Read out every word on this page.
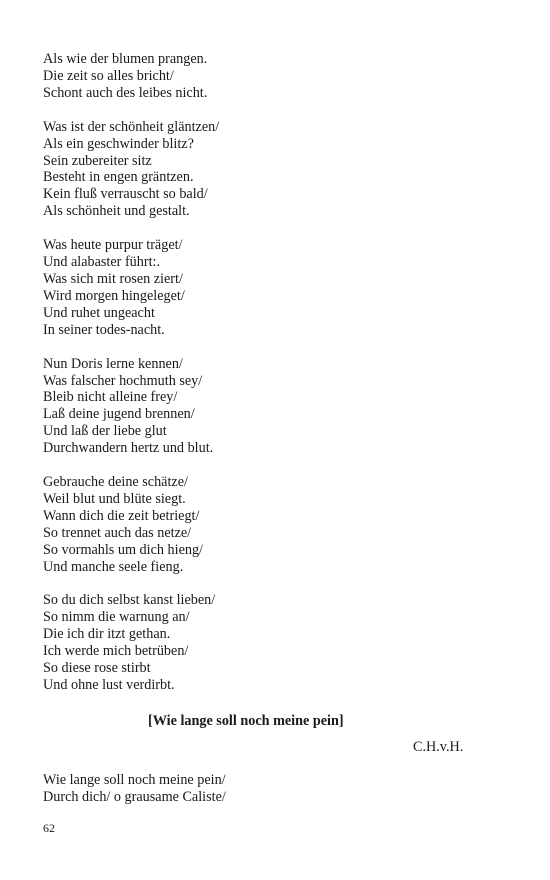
Als wie der blumen prangen.
Die zeit so alles bricht/
Schont auch des leibes nicht.
Was ist der schönheit gläntzen/
Als ein geschwinder blitz?
Sein zubereiter sitz
Besteht in engen gräntzen.
Kein fluß verrauscht so bald/
Als schönheit und gestalt.
Was heute purpur träget/
Und alabaster führt:.
Was sich mit rosen ziert/
Wird morgen hingeleget/
Und ruhet ungeacht
In seiner todes-nacht.
Nun Doris lerne kennen/
Was falscher hochmuth sey/
Bleib nicht alleine frey/
Laß deine jugend brennen/
Und laß der liebe glut
Durchwandern hertz und blut.
Gebrauche deine schätze/
Weil blut und blüte siegt.
Wann dich die zeit betriegt/
So trennet auch das netze/
So vormahls um dich hieng/
Und manche seele fieng.
So du dich selbst kanst lieben/
So nimm die warnung an/
Die ich dir itzt gethan.
Ich werde mich betrüben/
So diese rose stirbt
Und ohne lust verdirbt.
[Wie lange soll noch meine pein]
C.H.v.H.
Wie lange soll noch meine pein/
Durch dich/ o grausame Caliste/
62
